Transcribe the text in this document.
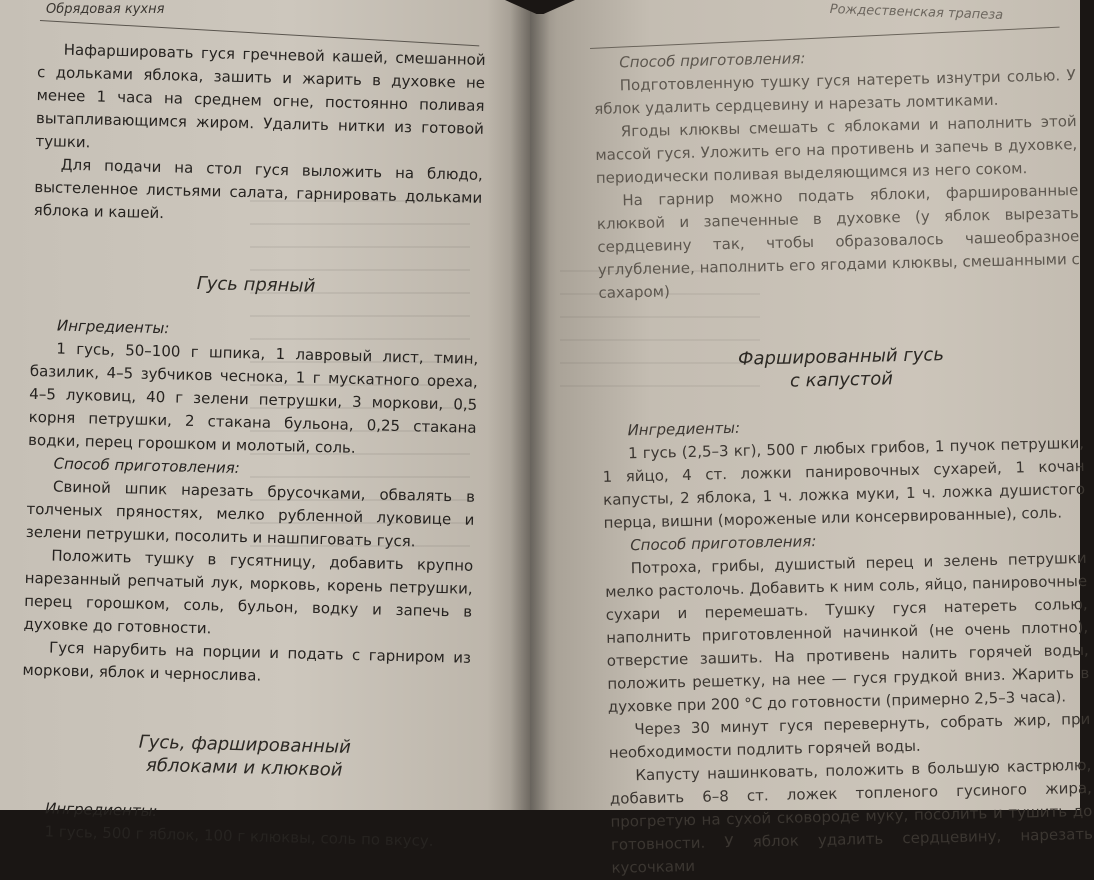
Обрядовая кухня

Нафаршировать гуся гречневой кашей, смешанной с дольками яблока, зашить и жарить в духовке не менее 1 часа на среднем огне, постоянно поливая вытапливающимся жиром. Удалить нитки из готовой тушки.

Для подачи на стол гуся выложить на блюдо, выстеленное листьями салата, гарнировать дольками яблока и кашей.

Гусь пряный
Ингредиенты:

1 гусь, 50–100 г шпика, 1 лавровый лист, тмин, базилик, 4–5 зубчиков чеснока, 1 г мускатного ореха, 4–5 луковиц, 40 г зелени петрушки, 3 моркови, 0,5 корня петрушки, 2 стакана бульона, 0,25 стакана водки, перец горошком и молотый, соль.

Способ приготовления:

Свиной шпик нарезать брусочками, обвалять в толченых пряностях, мелко рубленной луковице и зелени петрушки, посолить и нашпиговать гуся.

Положить тушку в гусятницу, добавить крупно нарезанный репчатый лук, морковь, корень петрушки, перец горошком, соль, бульон, водку и запечь в духовке до готовности.

Гуся нарубить на порции и подать с гарниром из моркови, яблок и чернослива.

Гусь, фаршированный
яблоками и клюквой
Ингредиенты:

1 гусь, 500 г яблок, 100 г клюквы, соль по вкусу.

Рождественская трапеза
Способ приготовления:

Подготовленную тушку гуся натереть изнутри солью. У яблок удалить сердцевину и нарезать ломтиками.

Ягоды клюквы смешать с яблоками и наполнить этой массой гуся. Уложить его на противень и запечь в духовке, периодически поливая выделяющимся из него соком.

На гарнир можно подать яблоки, фаршированные клюквой и запеченные в духовке (у яблок вырезать сердцевину так, чтобы образовалось чашеобразное углубление, наполнить его ягодами клюквы, смешанными с сахаром)

Фаршированный гусь
с капустой
Ингредиенты:

1 гусь (2,5–3 кг), 500 г любых грибов, 1 пучок петрушки, 1 яйцо, 4 ст. ложки панировочных сухарей, 1 кочан капусты, 2 яблока, 1 ч. ложка муки, 1 ч. ложка душистого перца, вишни (мороженые или консервированные), соль.

Способ приготовления:

Потроха, грибы, душистый перец и зелень петрушки мелко растолочь. Добавить к ним соль, яйцо, панировочные сухари и перемешать. Тушку гуся натереть солью, наполнить приготовленной начинкой (не очень плотно), отверстие зашить. На противень налить горячей воды, положить решетку, на нее — гуся грудкой вниз. Жарить в духовке при 200 °С до готовности (примерно 2,5–3 часа).

Через 30 минут гуся перевернуть, собрать жир, при необходимости подлить горячей воды.

Капусту нашинковать, положить в большую кастрюлю, добавить 6–8 ст. ложек топленого гусиного жира, прогретую на сухой сковороде муку, посолить и тушить до готовности. У яблок удалить сердцевину, нарезать кусочками
